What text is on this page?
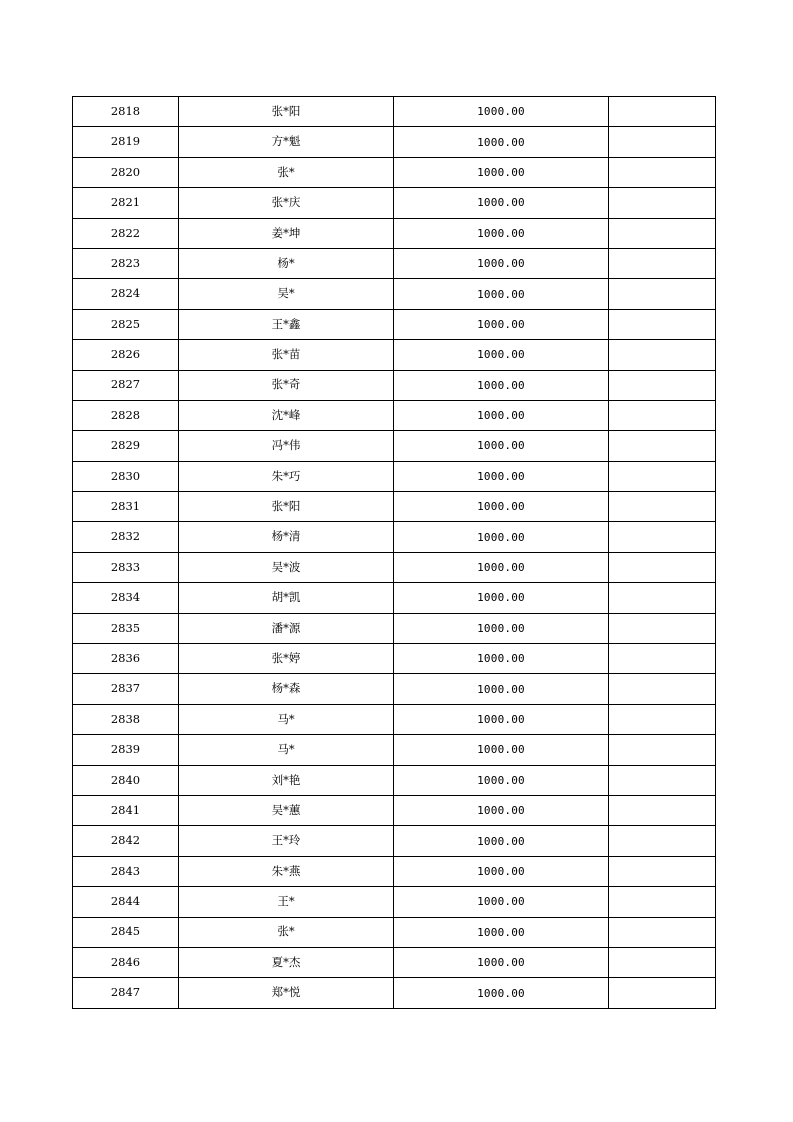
2818	张*阳	1000.00	
2819	方*魁	1000.00	
2820	张*	1000.00	
2821	张*庆	1000.00	
2822	姜*坤	1000.00	
2823	杨*	1000.00	
2824	吴*	1000.00	
2825	王*鑫	1000.00	
2826	张*苗	1000.00	
2827	张*奇	1000.00	
2828	沈*峰	1000.00	
2829	冯*伟	1000.00	
2830	朱*巧	1000.00	
2831	张*阳	1000.00	
2832	杨*清	1000.00	
2833	吴*波	1000.00	
2834	胡*凯	1000.00	
2835	潘*源	1000.00	
2836	张*婷	1000.00	
2837	杨*森	1000.00	
2838	马*	1000.00	
2839	马*	1000.00	
2840	刘*艳	1000.00	
2841	吴*蕙	1000.00	
2842	王*玲	1000.00	
2843	朱*燕	1000.00	
2844	王*	1000.00	
2845	张*	1000.00	
2846	夏*杰	1000.00	
2847	郑*悦	1000.00	
